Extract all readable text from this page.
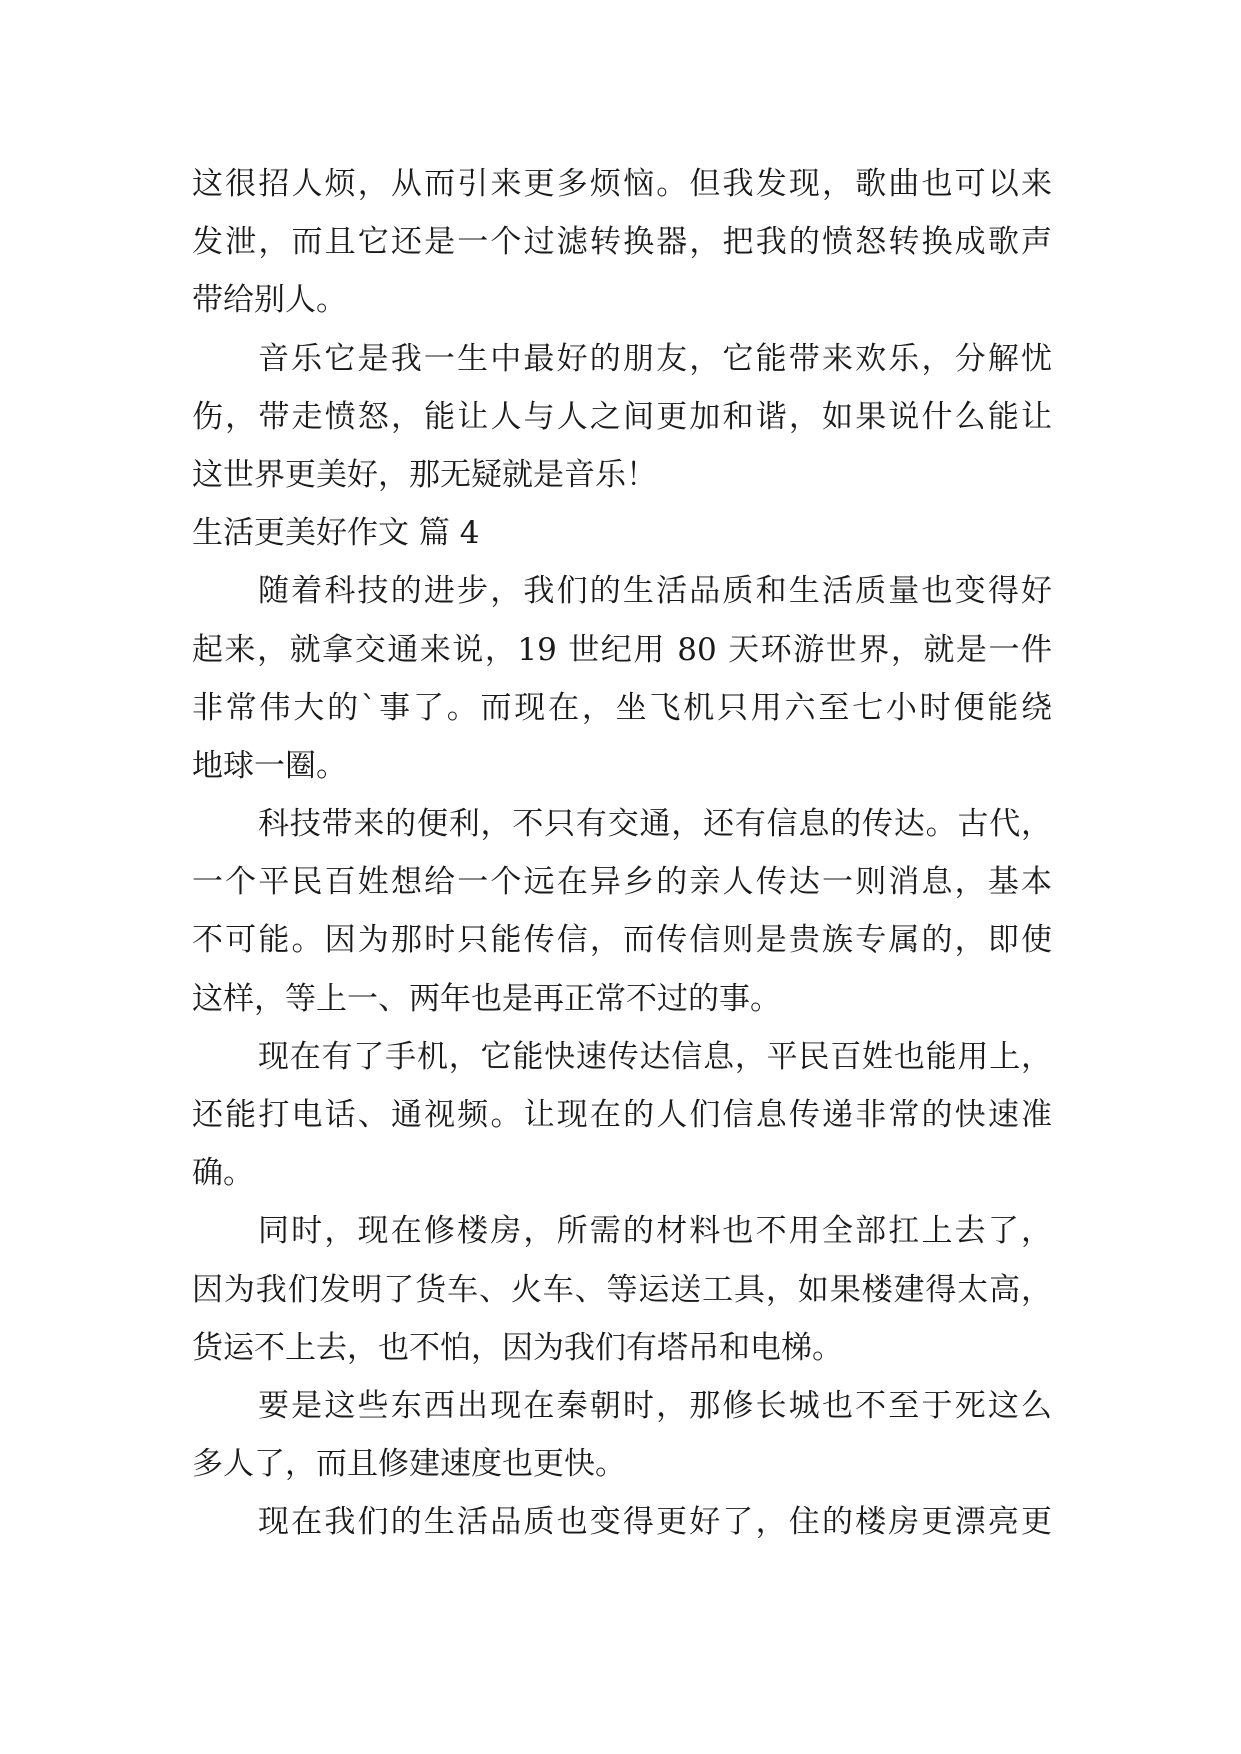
这很招人烦，从而引来更多烦恼。但我发现，歌曲也可以来
发泄，而且它还是一个过滤转换器，把我的愤怒转换成歌声
带给别人。
音乐它是我一生中最好的朋友，它能带来欢乐，分解忧
伤，带走愤怒，能让人与人之间更加和谐，如果说什么能让
这世界更美好，那无疑就是音乐！
生活更美好作文 篇 4
随着科技的进步，我们的生活品质和生活质量也变得好
起来，就拿交通来说，19 世纪用 80 天环游世界，就是一件
非常伟大的`事了。而现在，坐飞机只用六至七小时便能绕
地球一圈。
科技带来的便利，不只有交通，还有信息的传达。古代，
一个平民百姓想给一个远在异乡的亲人传达一则消息，基本
不可能。因为那时只能传信，而传信则是贵族专属的，即使
这样，等上一、两年也是再正常不过的事。
现在有了手机，它能快速传达信息，平民百姓也能用上，
还能打电话、通视频。让现在的人们信息传递非常的快速准
确。
同时，现在修楼房，所需的材料也不用全部扛上去了，
因为我们发明了货车、火车、等运送工具，如果楼建得太高，
货运不上去，也不怕，因为我们有塔吊和电梯。
要是这些东西出现在秦朝时，那修长城也不至于死这么
多人了，而且修建速度也更快。
现在我们的生活品质也变得更好了，住的楼房更漂亮更
